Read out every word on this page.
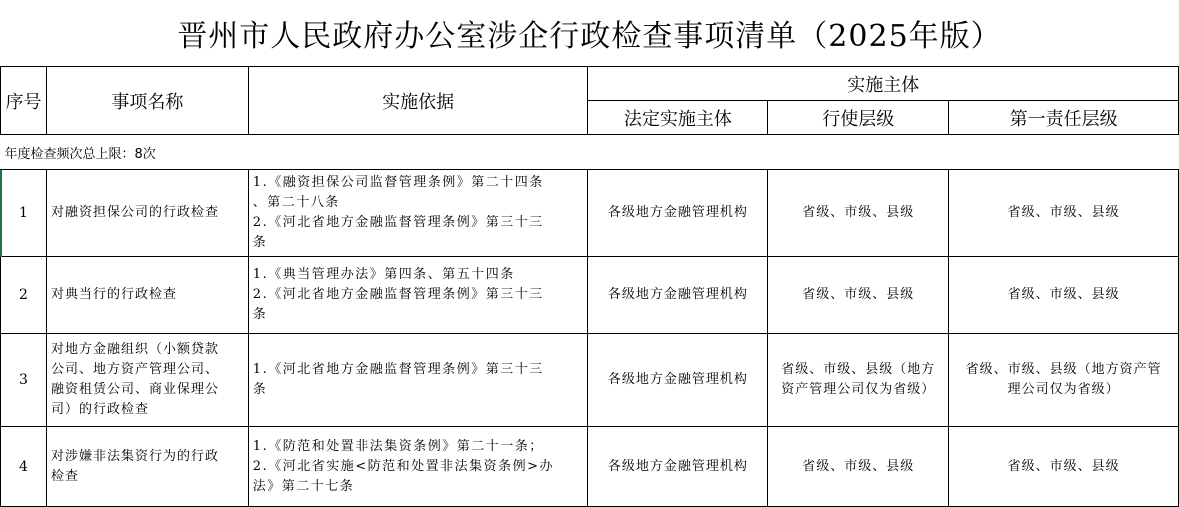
晋州市人民政府办公室涉企行政检查事项清单（2025年版）
序号	事项名称	实施依据	实施主体		
			法定实施主体	行使层级	第一责任层级
年度检查频次总上限：8次					
1	对融资担保公司的行政检查	1.《融资担保公司监督管理条例》第二十四条
、第二十八条
2.《河北省地方金融监督管理条例》第三十三
条	各级地方金融管理机构	省级、市级、县级	省级、市级、县级

2	对典当行的行政检查	1.《典当管理办法》第四条、第五十四条
2.《河北省地方金融监督管理条例》第三十三
条	各级地方金融管理机构	省级、市级、县级	省级、市级、县级

3	对地方金融组织（小额贷款
公司、地方资产管理公司、
融资租赁公司、商业保理公
司）的行政检查	1.《河北省地方金融监督管理条例》第三十三
条	各级地方金融管理机构	省级、市级、县级（地方
资产管理公司仅为省级）	省级、市级、县级（地方资产管
理公司仅为省级）

4	对涉嫌非法集资行为的行政
检查	1.《防范和处置非法集资条例》第二十一条；
2.《河北省实施<防范和处置非法集资条例>办
法》第二十七条	各级地方金融管理机构	省级、市级、县级	省级、市级、县级
